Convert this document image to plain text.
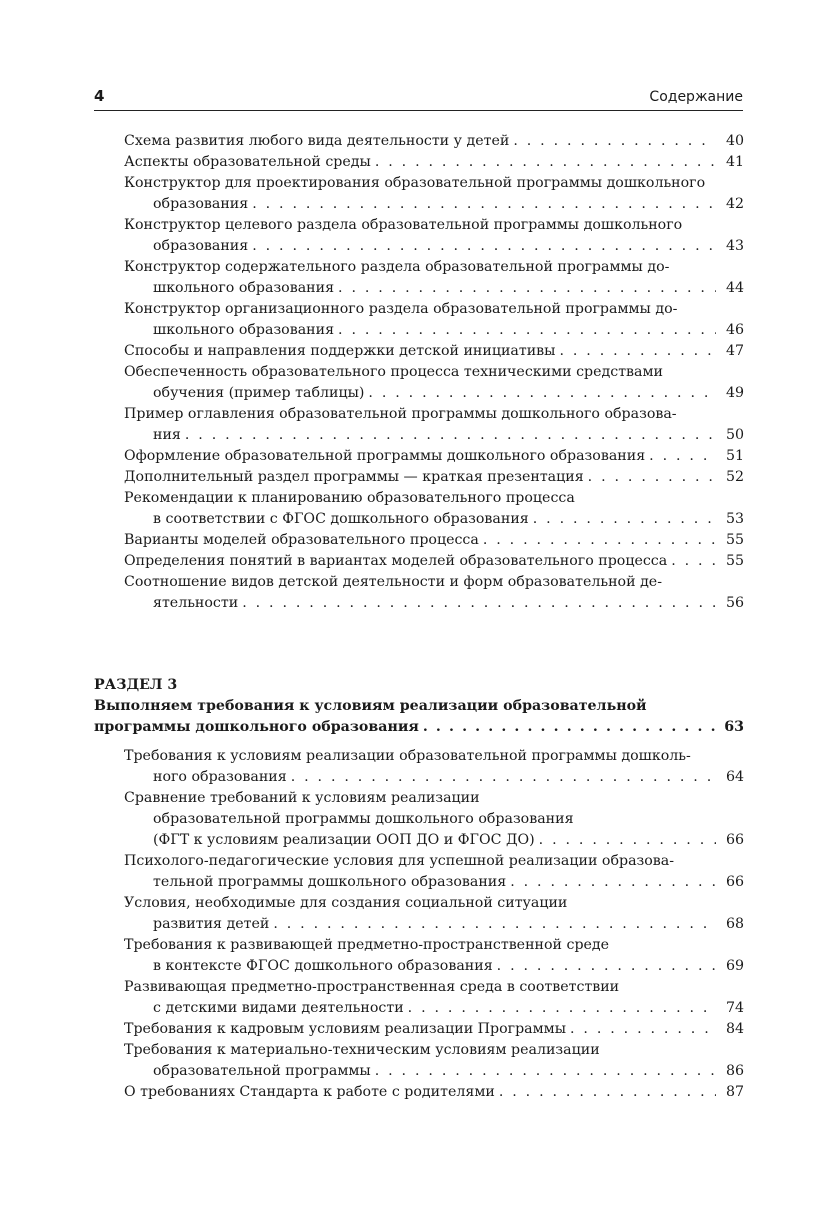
4	Содержание
Схема развития любого вида деятельности у детей . . .	40
Аспекты образовательной среды . . .	41
Конструктор для проектирования образовательной программы дошкольного
образования . . .	42
Конструктор целевого раздела образовательной программы дошкольного
образования . . .	43
Конструктор содержательного раздела образовательной программы до-
школьного образования . . .	44
Конструктор организационного раздела образовательной программы до-
школьного образования . . .	46
Способы и направления поддержки детской инициативы . . .	47
Обеспеченность образовательного процесса техническими средствами
обучения (пример таблицы) . . .	49
Пример оглавления образовательной программы дошкольного образова-
ния . . .	50
Оформление образовательной программы дошкольного образования . . .	51
Дополнительный раздел программы — краткая презентация . . .	52
Рекомендации к планированию образовательного процесса
в соответствии с ФГОС дошкольного образования . . .	53
Варианты моделей образовательного процесса . . .	55
Определения понятий в вариантах моделей образовательного процесса . . .	55
Соотношение видов детской деятельности и форм образовательной де-
ятельности . . .	56
РАЗДЕЛ 3
Выполняем требования к условиям реализации образовательной
программы дошкольного образования . . .	63
Требования к условиям реализации образовательной программы дошколь-
ного образования . . .	64
Сравнение требований к условиям реализации
образовательной программы дошкольного образования
(ФГТ к условиям реализации ООП ДО и ФГОС ДО) . . .	66
Психолого-педагогические условия для успешной реализации образова-
тельной программы дошкольного образования . . .	66
Условия, необходимые для создания социальной ситуации
развития детей . . .	68
Требования к развивающей предметно-пространственной среде
в контексте ФГОС дошкольного образования . . .	69
Развивающая предметно-пространственная среда в соответствии
с детскими видами деятельности . . .	74
Требования к кадровым условиям реализации Программы . . .	84
Требования к материально-техническим условиям реализации
образовательной программы . . .	86
О требованиях Стандарта к работе с родителями . . .	87
